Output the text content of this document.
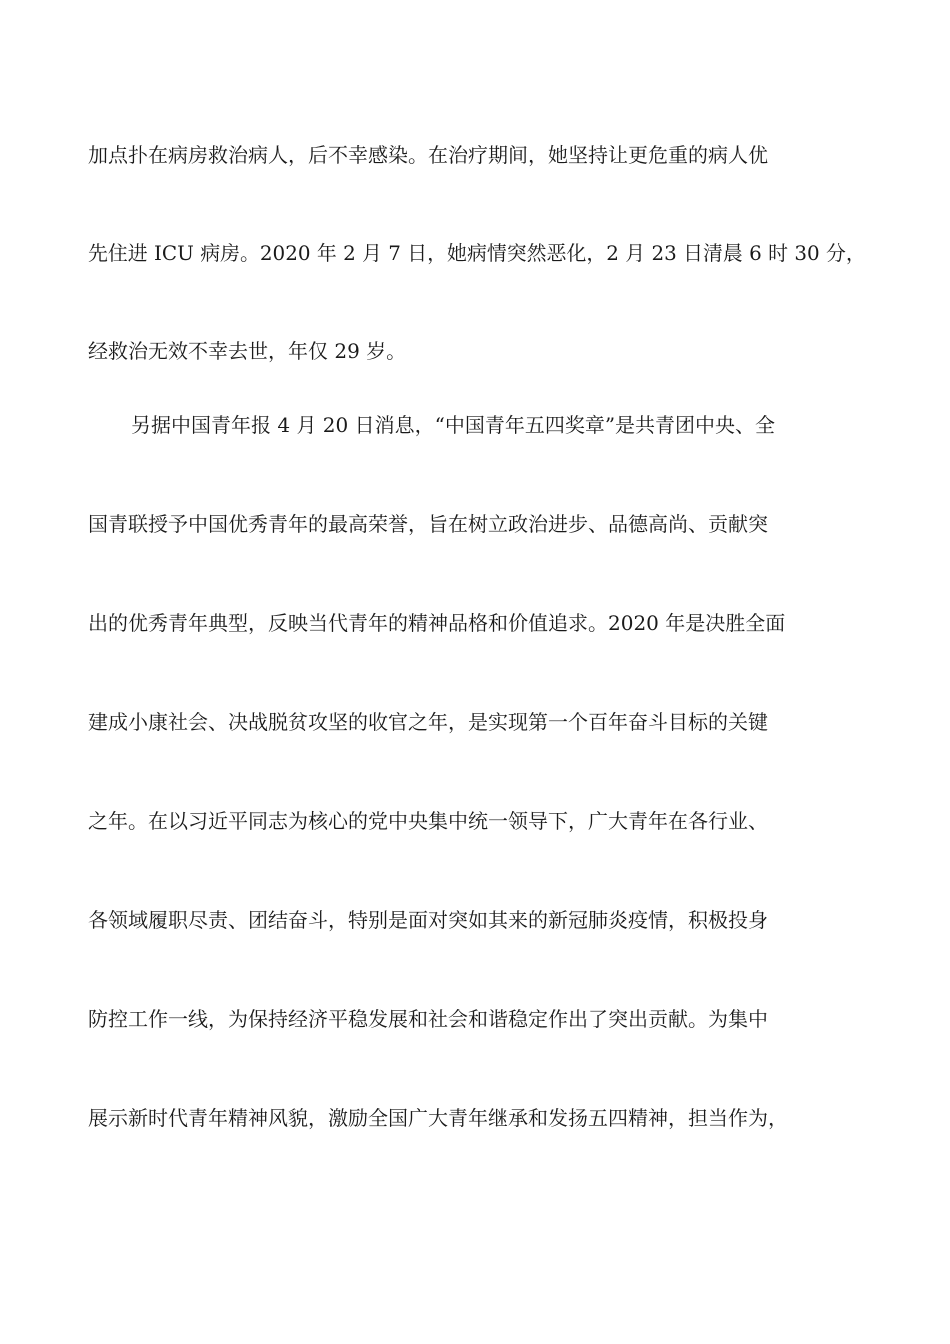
加点扑在病房救治病人，后不幸感染。在治疗期间，她坚持让更危重的病人优
先住进 ICU 病房。2020 年 2 月 7 日，她病情突然恶化，2 月 23 日清晨 6 时 30 分，
经救治无效不幸去世，年仅 29 岁。
另据中国青年报 4 月 20 日消息，“中国青年五四奖章”是共青团中央、全
国青联授予中国优秀青年的最高荣誉，旨在树立政治进步、品德高尚、贡献突
出的优秀青年典型，反映当代青年的精神品格和价值追求。2020 年是决胜全面
建成小康社会、决战脱贫攻坚的收官之年，是实现第一个百年奋斗目标的关键
之年。在以习近平同志为核心的党中央集中统一领导下，广大青年在各行业、
各领域履职尽责、团结奋斗，特别是面对突如其来的新冠肺炎疫情，积极投身
防控工作一线，为保持经济平稳发展和社会和谐稳定作出了突出贡献。为集中
展示新时代青年精神风貌，激励全国广大青年继承和发扬五四精神，担当作为，
